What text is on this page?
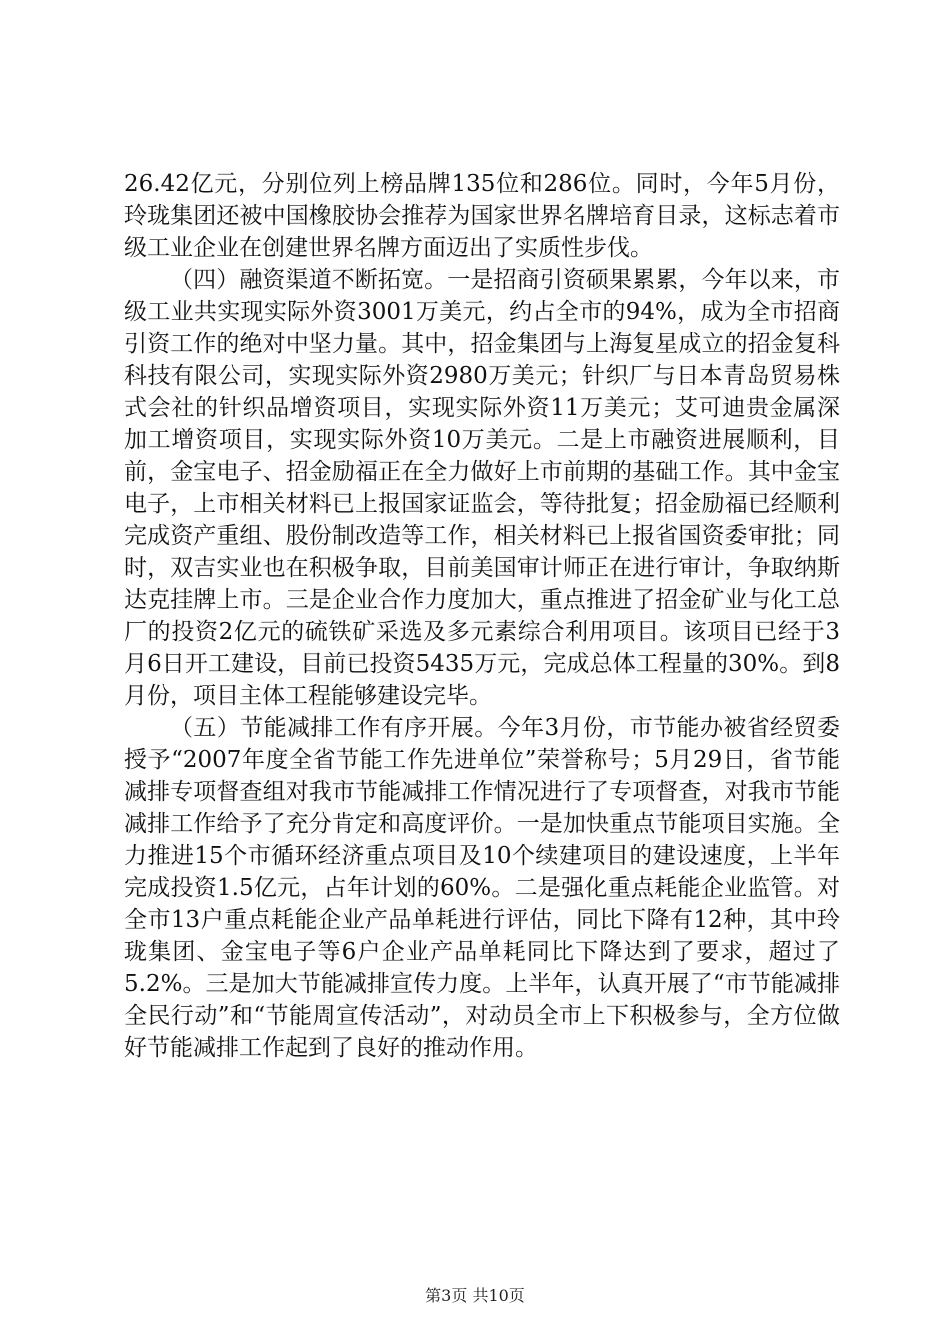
26.42亿元，分别位列上榜品牌135位和286位。同时，今年5月份，玲珑集团还被中国橡胶协会推荐为国家世界名牌培育目录，这标志着市级工业企业在创建世界名牌方面迈出了实质性步伐。

（四）融资渠道不断拓宽。一是招商引资硕果累累，今年以来，市级工业共实现实际外资3001万美元，约占全市的94%，成为全市招商引资工作的绝对中坚力量。其中，招金集团与上海复星成立的招金复科科技有限公司，实现实际外资2980万美元；针织厂与日本青岛贸易株式会社的针织品增资项目，实现实际外资11万美元；艾可迪贵金属深加工增资项目，实现实际外资10万美元。二是上市融资进展顺利，目前，金宝电子、招金励福正在全力做好上市前期的基础工作。其中金宝电子，上市相关材料已上报国家证监会，等待批复；招金励福已经顺利完成资产重组、股份制改造等工作，相关材料已上报省国资委审批；同时，双吉实业也在积极争取，目前美国审计师正在进行审计，争取纳斯达克挂牌上市。三是企业合作力度加大，重点推进了招金矿业与化工总厂的投资2亿元的硫铁矿采选及多元素综合利用项目。该项目已经于3月6日开工建设，目前已投资5435万元，完成总体工程量的30%。到8月份，项目主体工程能够建设完毕。

（五）节能减排工作有序开展。今年3月份，市节能办被省经贸委授予“2007年度全省节能工作先进单位”荣誉称号；5月29日，省节能减排专项督查组对我市节能减排工作情况进行了专项督查，对我市节能减排工作给予了充分肯定和高度评价。一是加快重点节能项目实施。全力推进15个市循环经济重点项目及10个续建项目的建设速度，上半年完成投资1.5亿元，占年计划的60%。二是强化重点耗能企业监管。对全市13户重点耗能企业产品单耗进行评估，同比下降有12种，其中玲珑集团、金宝电子等6户企业产品单耗同比下降达到了要求，超过了5.2%。三是加大节能减排宣传力度。上半年，认真开展了“市节能减排全民行动”和“节能周宣传活动”，对动员全市上下积极参与，全方位做好节能减排工作起到了良好的推动作用。

第3页 共10页
